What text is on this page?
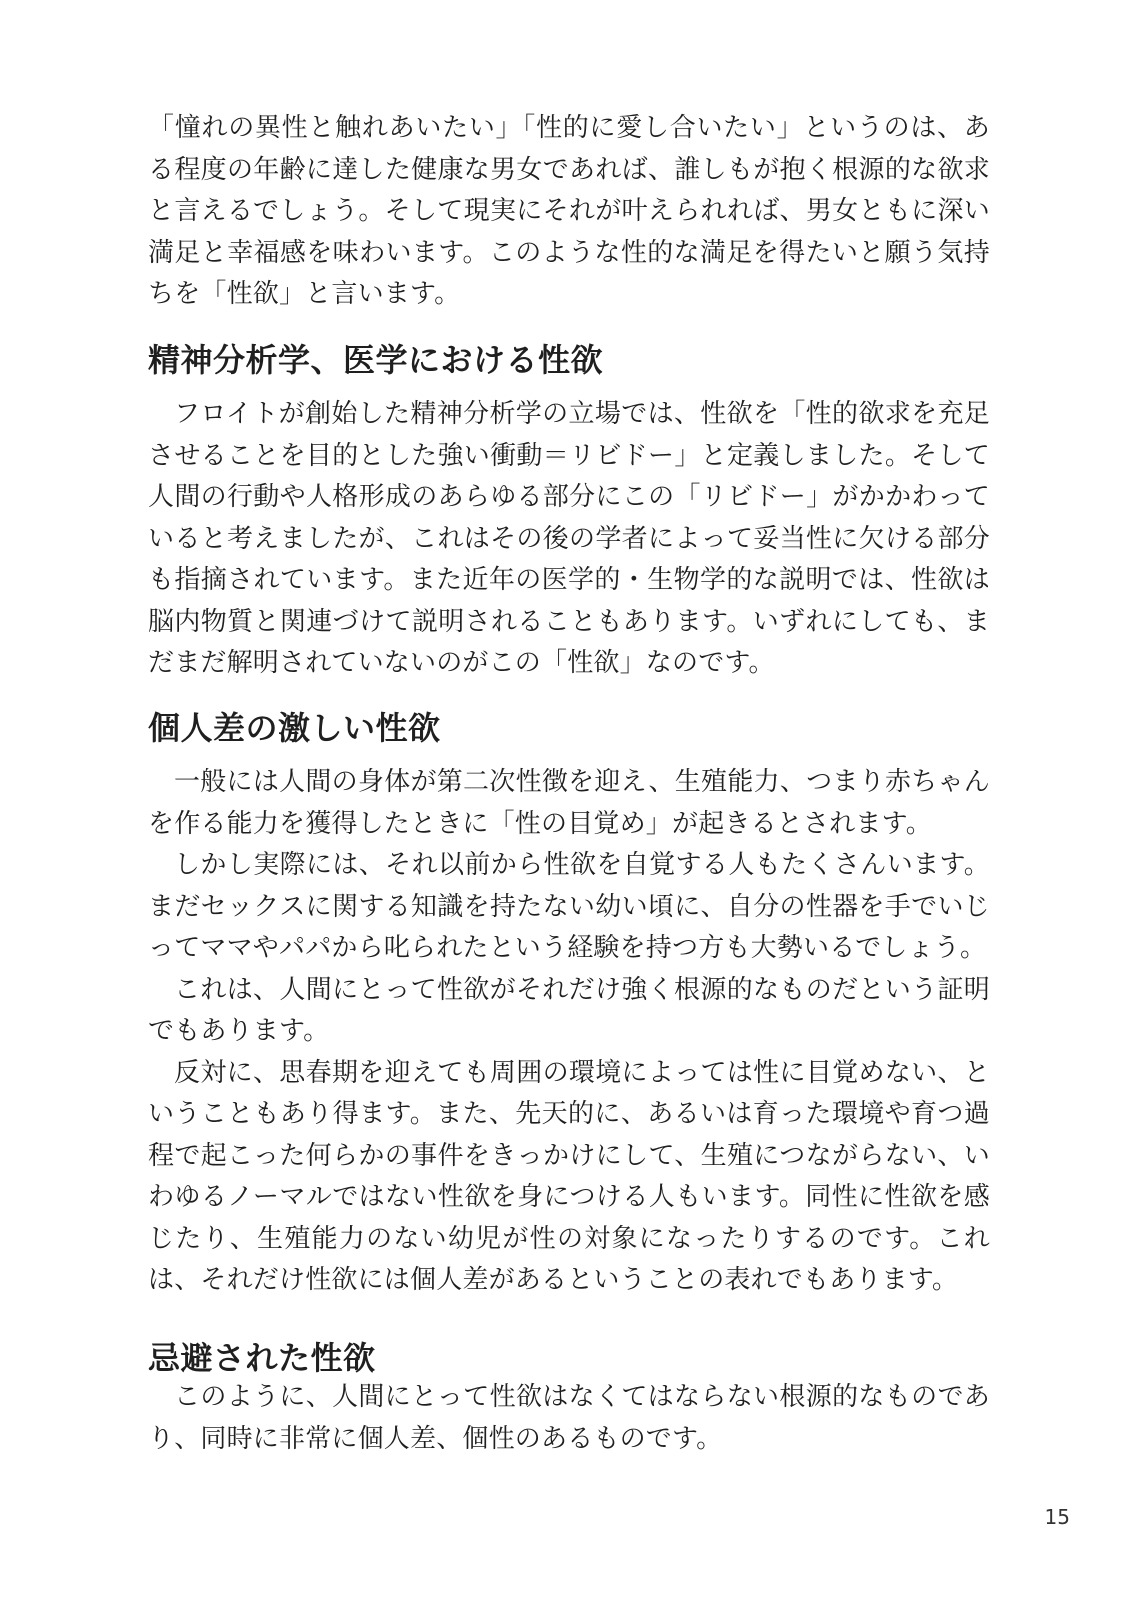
「憧れの異性と触れあいたい」「性的に愛し合いたい」というのは、ある程度の年齢に達した健康な男女であれば、誰しもが抱く根源的な欲求と言えるでしょう。そして現実にそれが叶えられれば、男女ともに深い満足と幸福感を味わいます。このような性的な満足を得たいと願う気持ちを「性欲」と言います。

精神分析学、医学における性欲

フロイトが創始した精神分析学の立場では、性欲を「性的欲求を充足させることを目的とした強い衝動＝リビドー」と定義しました。そして人間の行動や人格形成のあらゆる部分にこの「リビドー」がかかわっていると考えましたが、これはその後の学者によって妥当性に欠ける部分も指摘されています。また近年の医学的・生物学的な説明では、性欲は脳内物質と関連づけて説明されることもあります。いずれにしても、まだまだ解明されていないのがこの「性欲」なのです。

個人差の激しい性欲

一般には人間の身体が第二次性徴を迎え、生殖能力、つまり赤ちゃんを作る能力を獲得したときに「性の目覚め」が起きるとされます。

しかし実際には、それ以前から性欲を自覚する人もたくさんいます。まだセックスに関する知識を持たない幼い頃に、自分の性器を手でいじってママやパパから叱られたという経験を持つ方も大勢いるでしょう。

これは、人間にとって性欲がそれだけ強く根源的なものだという証明でもあります。

反対に、思春期を迎えても周囲の環境によっては性に目覚めない、ということもあり得ます。また、先天的に、あるいは育った環境や育つ過程で起こった何らかの事件をきっかけにして、生殖につながらない、いわゆるノーマルではない性欲を身につける人もいます。同性に性欲を感じたり、生殖能力のない幼児が性の対象になったりするのです。これは、それだけ性欲には個人差があるということの表れでもあります。

忌避された性欲

このように、人間にとって性欲はなくてはならない根源的なものであり、同時に非常に個人差、個性のあるものです。

15
